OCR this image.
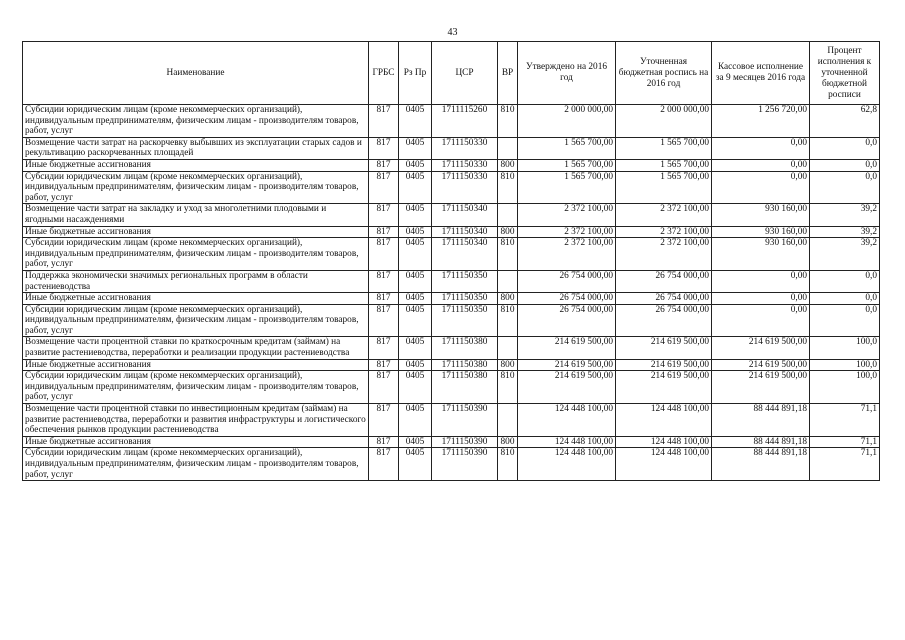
43
Наименование	ГРБС	Рз Пр	ЦСР	ВР	Утверждено на 2016 год	Уточненная бюджетная роспись на 2016 год	Кассовое исполнение за 9 месяцев 2016 года	Процент исполнения к уточненной бюджетной росписи
Субсидии юридическим лицам (кроме некоммерческих организаций), индивидуальным предпринимателям, физическим лицам - производителям товаров, работ, услуг	817	0405	1711115260	810	2 000 000,00	2 000 000,00	1 256 720,00	62,8
Возмещение части затрат на раскорчевку выбывших из эксплуатации старых садов и рекультивацию раскорчеванных площадей	817	0405	1711150330		1 565 700,00	1 565 700,00	0,00	0,0
Иные бюджетные ассигнования	817	0405	1711150330	800	1 565 700,00	1 565 700,00	0,00	0,0
Субсидии юридическим лицам (кроме некоммерческих организаций), индивидуальным предпринимателям, физическим лицам - производителям товаров, работ, услуг	817	0405	1711150330	810	1 565 700,00	1 565 700,00	0,00	0,0
Возмещение части затрат на закладку и уход за многолетними плодовыми и ягодными насаждениями	817	0405	1711150340		2 372 100,00	2 372 100,00	930 160,00	39,2
Иные бюджетные ассигнования	817	0405	1711150340	800	2 372 100,00	2 372 100,00	930 160,00	39,2
Субсидии юридическим лицам (кроме некоммерческих организаций), индивидуальным предпринимателям, физическим лицам - производителям товаров, работ, услуг	817	0405	1711150340	810	2 372 100,00	2 372 100,00	930 160,00	39,2
Поддержка экономически значимых региональных программ в области растениеводства	817	0405	1711150350		26 754 000,00	26 754 000,00	0,00	0,0
Иные бюджетные ассигнования	817	0405	1711150350	800	26 754 000,00	26 754 000,00	0,00	0,0
Субсидии юридическим лицам (кроме некоммерческих организаций), индивидуальным предпринимателям, физическим лицам - производителям товаров, работ, услуг	817	0405	1711150350	810	26 754 000,00	26 754 000,00	0,00	0,0
Возмещение части процентной ставки по краткосрочным кредитам (займам) на развитие растениеводства, переработки и реализации продукции растениеводства	817	0405	1711150380		214 619 500,00	214 619 500,00	214 619 500,00	100,0
Иные бюджетные ассигнования	817	0405	1711150380	800	214 619 500,00	214 619 500,00	214 619 500,00	100,0
Субсидии юридическим лицам (кроме некоммерческих организаций), индивидуальным предпринимателям, физическим лицам - производителям товаров, работ, услуг	817	0405	1711150380	810	214 619 500,00	214 619 500,00	214 619 500,00	100,0
Возмещение части процентной ставки по инвестиционным кредитам (займам) на развитие растениеводства, переработки и развития инфраструктуры и логистического обеспечения рынков продукции растениеводства	817	0405	1711150390		124 448 100,00	124 448 100,00	88 444 891,18	71,1
Иные бюджетные ассигнования	817	0405	1711150390	800	124 448 100,00	124 448 100,00	88 444 891,18	71,1
Субсидии юридическим лицам (кроме некоммерческих организаций), индивидуальным предпринимателям, физическим лицам - производителям товаров, работ, услуг	817	0405	1711150390	810	124 448 100,00	124 448 100,00	88 444 891,18	71,1
